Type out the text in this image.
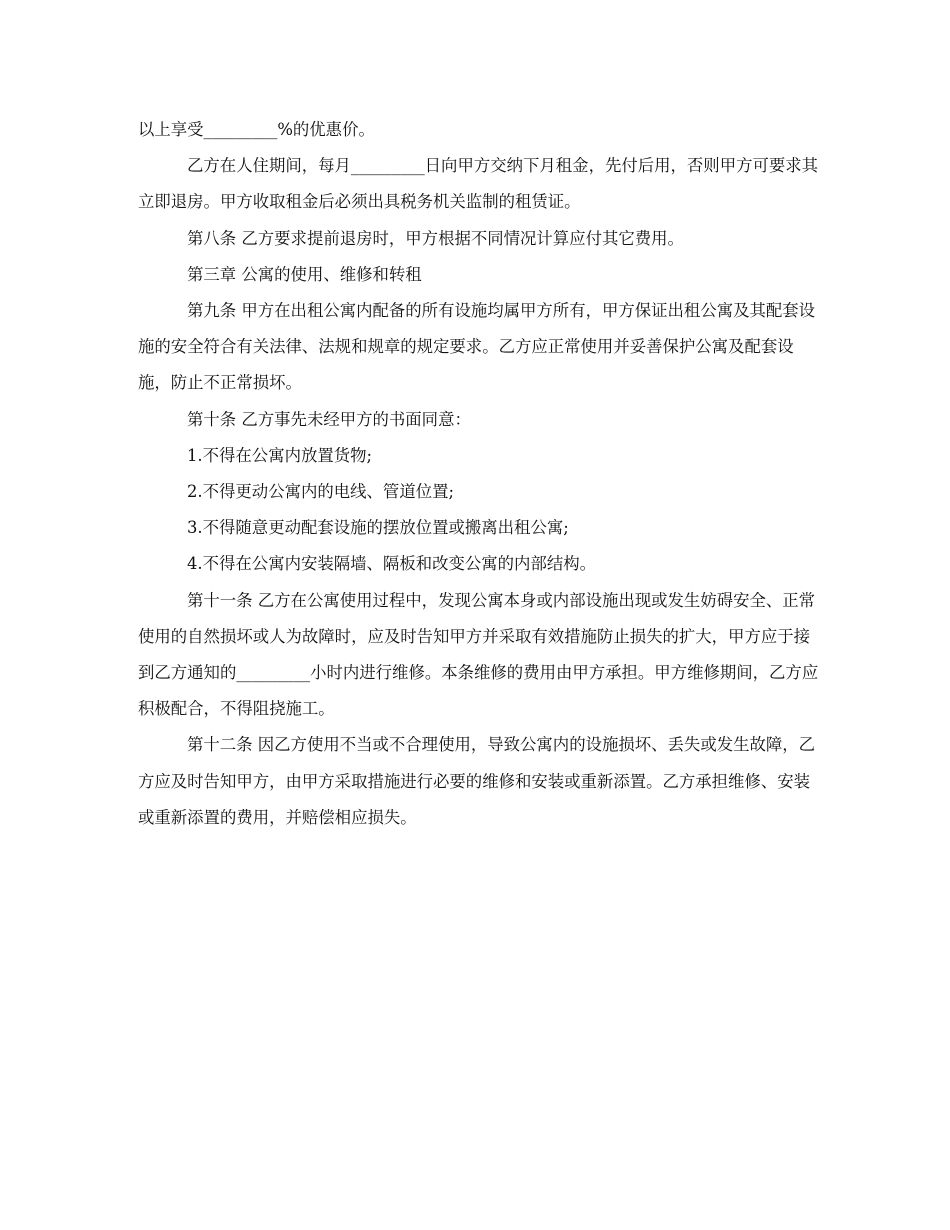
以上享受_________%的优惠价。

乙方在人住期间，每月_________日向甲方交纳下月租金，先付后用，否则甲方可要求其立即退房。甲方收取租金后必须出具税务机关监制的租赁证。

第八条 乙方要求提前退房时，甲方根据不同情况计算应付其它费用。

第三章 公寓的使用、维修和转租

第九条 甲方在出租公寓内配备的所有设施均属甲方所有，甲方保证出租公寓及其配套设施的安全符合有关法律、法规和规章的规定要求。乙方应正常使用并妥善保护公寓及配套设施，防止不正常损坏。

第十条 乙方事先未经甲方的书面同意：

1.不得在公寓内放置货物;

2.不得更动公寓内的电线、管道位置;

3.不得随意更动配套设施的摆放位置或搬离出租公寓;

4.不得在公寓内安装隔墙、隔板和改变公寓的内部结构。

第十一条 乙方在公寓使用过程中，发现公寓本身或内部设施出现或发生妨碍安全、正常使用的自然损坏或人为故障时，应及时告知甲方并采取有效措施防止损失的扩大，甲方应于接到乙方通知的_________小时内进行维修。本条维修的费用由甲方承担。甲方维修期间，乙方应积极配合，不得阻挠施工。

第十二条 因乙方使用不当或不合理使用，导致公寓内的设施损坏、丢失或发生故障，乙方应及时告知甲方，由甲方采取措施进行必要的维修和安装或重新添置。乙方承担维修、安装或重新添置的费用，并赔偿相应损失。
